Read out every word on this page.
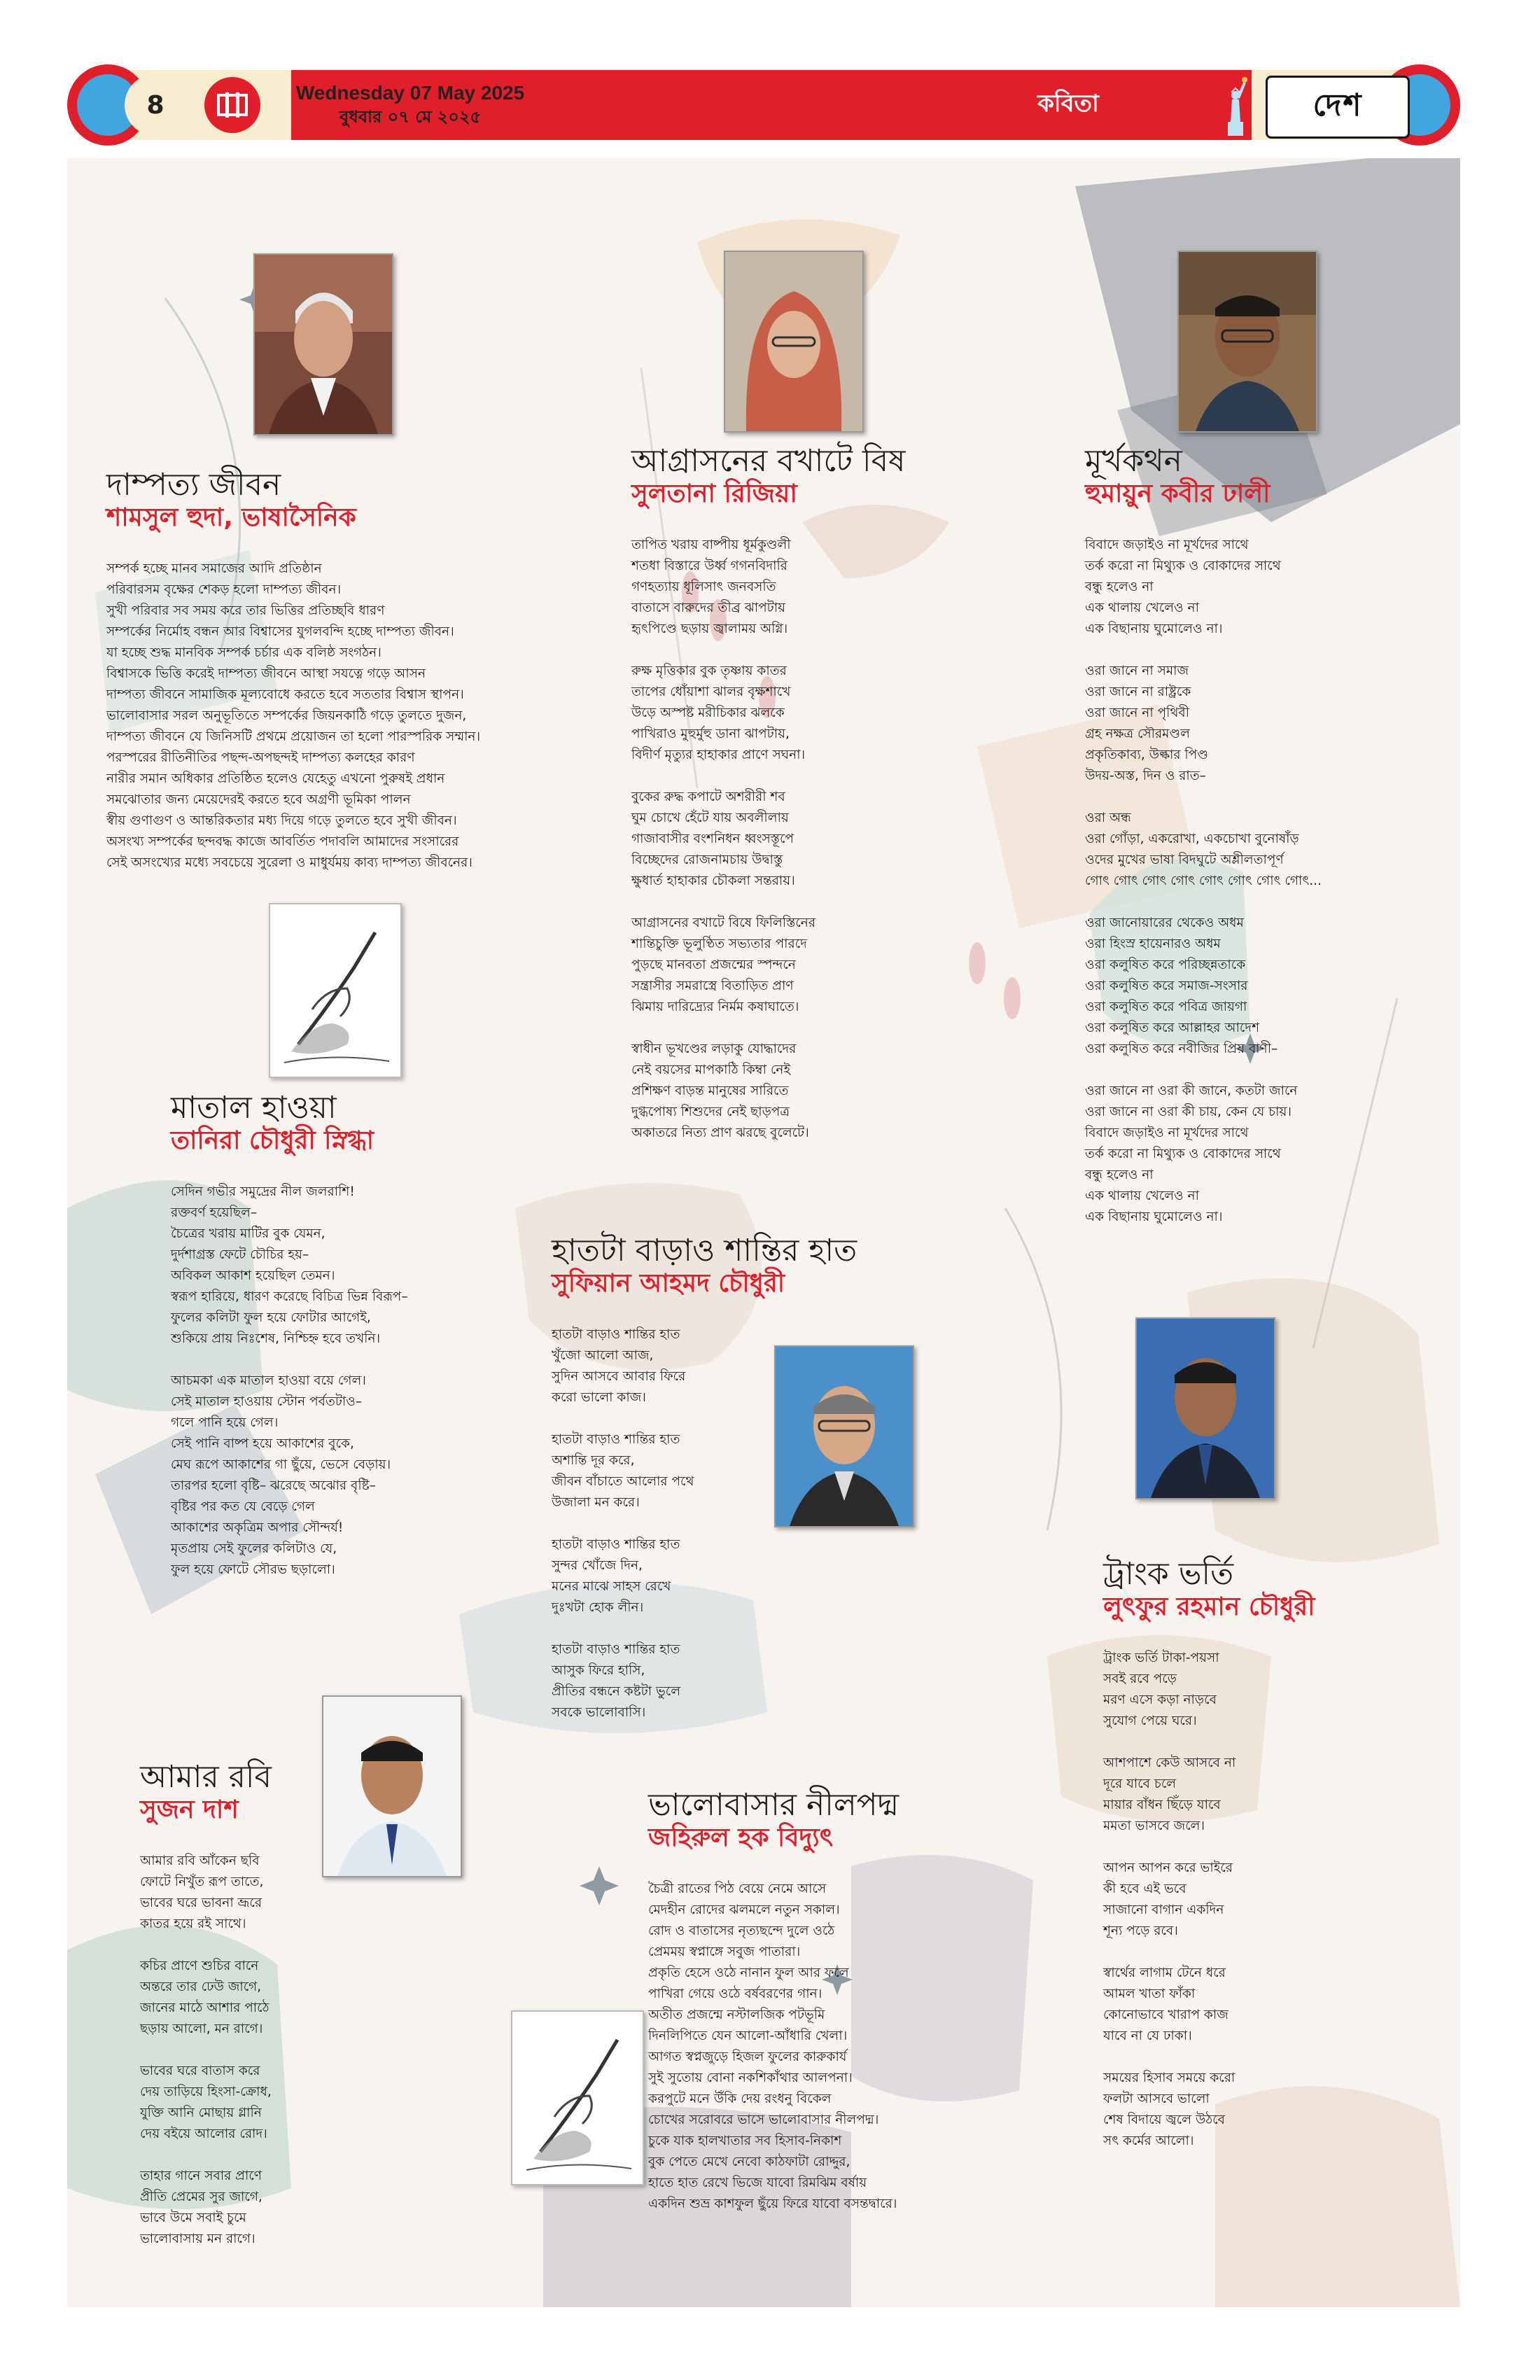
8	Wednesday 07 May 2025
বুধবার ০৭ মে ২০২৫	কবিতা	দেশ
দাম্পত্য জীবন
শামসুল হুদা, ভাষাসৈনিক
সম্পর্ক হচ্ছে মানব সমাজের আদি প্রতিষ্ঠান
পরিবারসম বৃক্ষের শেকড় হলো দাম্পত্য জীবন।
সুখী পরিবার সব সময় করে তার ভিত্তির প্রতিচ্ছবি ধারণ
সম্পর্কের নির্মোহ বন্ধন আর বিশ্বাসের যুগলবন্দি হচ্ছে দাম্পত্য জীবন।
যা হচ্ছে শুদ্ধ মানবিক সম্পর্ক চর্চার এক বলিষ্ঠ সংগঠন।
বিশ্বাসকে ভিত্তি করেই দাম্পত্য জীবনে আস্থা সযত্নে গড়ে আসন
দাম্পত্য জীবনে সামাজিক মূল্যবোধে করতে হবে সততার বিশ্বাস স্থাপন।
ভালোবাসার সরল অনুভূতিতে সম্পর্কের জিয়নকাঠি গড়ে তুলতে দুজন,
দাম্পত্য জীবনে যে জিনিসটি প্রথমে প্রয়োজন তা হলো পারস্পরিক সম্মান।
পরস্পরের রীতিনীতির পছন্দ-অপছন্দই দাম্পত্য কলহের কারণ
নারীর সমান অধিকার প্রতিষ্ঠিত হলেও যেহেতু এখনো পুরুষই প্রধান
সমঝোতার জন্য মেয়েদেরই করতে হবে অগ্রণী ভূমিকা পালন
স্বীয় গুণাগুণ ও আন্তরিকতার মধ্য দিয়ে গড়ে তুলতে হবে সুখী জীবন।
অসংখ্য সম্পর্কের ছন্দবদ্ধ কাজে আবর্তিত পদাবলি আমাদের সংসারের
সেই অসংখ্যের মধ্যে সবচেয়ে সুরেলা ও মাধুর্যময় কাব্য দাম্পত্য জীবনের।
আগ্রাসনের বখাটে বিষ
সুলতানা রিজিয়া
তাপিত খরায় বাষ্পীয় ধূর্মকুণ্ডলী
শতধা বিস্তারে উর্ধ্ব গগনবিদারি
গণহত্যায় ধূলিসাৎ জনবসতি
বাতাসে বারুদের তীব্র ঝাপটায়
হৃৎপিণ্ডে ছড়ায় জ্বালাময় অগ্নি।

রুক্ষ মৃত্তিকার বুক তৃষ্ণায় কাতর
তাপের ধোঁয়াশা ঝালর বৃক্ষশাখে
উড়ে অস্পষ্ট মরীচিকার ঝলকে
পাখিরাও মুহুর্মুহু ডানা ঝাপটায়,
বিদীর্ণ মৃত্যুর হাহাকার প্রাণে সঘনা।

বুকের রুদ্ধ কপাটে অশরীরী শব
ঘুম চোখে হেঁটে যায় অবলীলায়
গাজাবাসীর বংশনিধন ধ্বংসস্তূপে
বিচ্ছেদের রোজনামচায় উদ্বাস্তু
ক্ষুধার্ত হাহাকার চৌকলা সন্তরায়।

আগ্রাসনের বখাটে বিষে ফিলিস্তিনের
শান্তিচুক্তি ভূলুণ্ঠিত সভ্যতার পারদে
পুড়ছে মানবতা প্রজন্মের স্পন্দনে
সন্ত্রাসীর সমরাস্ত্রে বিতাড়িত প্রাণ
ঝিমায় দারিদ্র্যের নির্মম কষাঘাতে।

স্বাধীন ভূখণ্ডের লড়াকু যোদ্ধাদের
নেই বয়সের মাপকাঠি কিম্বা নেই
প্রশিক্ষণ বাড়ন্ত মানুষের সারিতে
দুগ্ধপোষ্য শিশুদের নেই ছাড়পত্র
অকাতরে নিত্য প্রাণ ঝরছে বুলেটে।
মূর্খকথন
হুমায়ুন কবীর ঢালী
বিবাদে জড়াইও না মূর্খদের সাথে
তর্ক করো না মিথ্যুক ও বোকাদের সাথে
বন্ধু হলেও না
এক থালায় খেলেও না
এক বিছানায় ঘুমোলেও না।

ওরা জানে না সমাজ
ওরা জানে না রাষ্ট্রকে
ওরা জানে না পৃথিবী
গ্রহ নক্ষত্র সৌরমণ্ডল
প্রকৃতিকাব্য, উল্কার পিণ্ড
উদয়-অস্ত, দিন ও রাত–

ওরা অন্ধ
ওরা গোঁড়া, একরোখা, একচোখা বুনোষাঁড়
ওদের মুখের ভাষা বিদঘুটে অশ্লীলতাপূর্ণ
গোৎ গোৎ গোৎ গোৎ গোৎ গোৎ গোৎ গোৎ...

ওরা জানোয়ারের থেকেও অধম
ওরা হিংস্র হায়েনারও অধম
ওরা কলুষিত করে পরিচ্ছন্নতাকে
ওরা কলুষিত করে সমাজ-সংসার
ওরা কলুষিত করে পবিত্র জায়গা
ওরা কলুষিত করে আল্লাহর আদেশ
ওরা কলুষিত করে নবীজির প্রিয় বাণী–

ওরা জানে না ওরা কী জানে, কতটা জানে
ওরা জানে না ওরা কী চায়, কেন যে চায়।
বিবাদে জড়াইও না মূর্খদের সাথে
তর্ক করো না মিথ্যুক ও বোকাদের সাথে
বন্ধু হলেও না
এক থালায় খেলেও না
এক বিছানায় ঘুমোলেও না।
মাতাল হাওয়া
তানিরা চৌধুরী স্নিগ্ধা
সেদিন গভীর সমুদ্রের নীল জলরাশি!
রক্তবর্ণ হয়েছিল–
চৈত্রের খরায় মাটির বুক যেমন,
দুর্দশাগ্রস্ত ফেটে চৌচির হয়–
অবিকল আকাশ হয়েছিল তেমন।
স্বরূপ হারিয়ে, ধারণ করেছে বিচিত্র ভিন্ন বিরূপ–
ফুলের কলিটা ফুল হয়ে ফোটার আগেই,
শুকিয়ে প্রায় নিঃশেষ, নিশ্চিহ্ন হবে তখনি।

আচমকা এক মাতাল হাওয়া বয়ে গেল।
সেই মাতাল হাওয়ায় স্টোন পর্বতটাও–
গলে পানি হয়ে গেল।
সেই পানি বাষ্প হয়ে আকাশের বুকে,
মেঘ রূপে আকাশের গা ছুঁয়ে, ভেসে বেড়ায়।
তারপর হলো বৃষ্টি– ঝরেছে অঝোর বৃষ্টি–
বৃষ্টির পর কত যে বেড়ে গেল
আকাশের অকৃত্রিম অপার সৌন্দর্য!
মৃতপ্রায় সেই ফুলের কলিটাও যে,
ফুল হয়ে ফোটে সৌরভ ছড়ালো।
হাতটা বাড়াও শান্তির হাত
সুফিয়ান আহমদ চৌধুরী
হাতটা বাড়াও শান্তির হাত
খুঁজো আলো আজ,
সুদিন আসবে আবার ফিরে
করো ভালো কাজ।

হাতটা বাড়াও শান্তির হাত
অশান্তি দূর করে,
জীবন বাঁচাতে আলোর পথে
উজালা মন করে।

হাতটা বাড়াও শান্তির হাত
সুন্দর খোঁজে দিন,
মনের মাঝে সাহস রেখে
দুঃখটা হোক লীন।

হাতটা বাড়াও শান্তির হাত
আসুক ফিরে হাসি,
প্রীতির বন্ধনে কষ্টটা ভুলে
সবকে ভালোবাসি।
ট্রাংক ভর্তি
লুৎফুর রহমান চৌধুরী
ট্রাংক ভর্তি টাকা-পয়সা
সবই রবে পড়ে
মরণ এসে কড়া নাড়বে
সুযোগ পেয়ে ঘরে।

আশপাশে কেউ আসবে না
দূরে যাবে চলে
মায়ার বাঁধন ছিঁড়ে যাবে
মমতা ভাসবে জলে।

আপন আপন করে ভাইরে
কী হবে এই ভবে
সাজানো বাগান একদিন
শূন্য পড়ে রবে।

স্বার্থের লাগাম টেনে ধরে
আমল খাতা ফাঁকা
কোনোভাবে খারাপ কাজ
যাবে না যে ঢাকা।

সময়ের হিসাব সময়ে করো
ফলটা আসবে ভালো
শেষ বিদায়ে জ্বলে উঠবে
সৎ কর্মের আলো।
আমার রবি
সুজন দাশ
আমার রবি আঁকেন ছবি
ফোটে নিখুঁত রূপ তাতে,
ভাবের ঘরে ভাবনা ভ্রূরে
কাতর হয়ে রই সাথে।

কচির প্রাণে শুচির বানে
অন্তরে তার ঢেউ জাগে,
জানের মাঠে আশার পাঠে
ছড়ায় আলো, মন রাগে।

ভাবের ঘরে বাতাস করে
দেয় তাড়িয়ে হিংসা-ক্রোধ,
যুক্তি আনি মোছায় গ্লানি
দেয় বইয়ে আলোর রোদ।

তাহার গানে সবার প্রাণে
প্রীতি প্রেমের সুর জাগে,
ভাবে উমে সবাই চুমে
ভালোবাসায় মন রাগে।
ভালোবাসার নীলপদ্ম
জহিরুল হক বিদ্যুৎ
চৈত্রী রাতের পিঠ বেয়ে নেমে আসে
মেদহীন রোদের ঝলমলে নতুন সকাল।
রোদ ও বাতাসের নৃত্যছন্দে দুলে ওঠে
প্রেমময় স্বপ্নাঙ্গে সবুজ পাতারা।
প্রকৃতি হেসে ওঠে নানান ফুল আর ফলে
পাখিরা গেয়ে ওঠে বর্ষবরণের গান।
অতীত প্রজন্মে নস্টালজিক পটভূমি
দিনলিপিতে যেন আলো-আঁধারি খেলা।
আগত স্বপ্নজুড়ে হিজল ফুলের কারুকার্য
সুই সুতোয় বোনা নকশিকাঁথার আলপনা।
করপুটে মনে উঁকি দেয় রংধনু বিকেল
চোখের সরোবরে ভাসে ভালোবাসার নীলপদ্ম।
চুকে যাক হালখাতার সব হিসাব-নিকাশ
বুক পেতে মেখে নেবো কাঠফাটা রোদ্দুর,
হাতে হাত রেখে ভিজে যাবো রিমঝিম বর্ষায়
একদিন শুভ্র কাশফুল ছুঁয়ে ফিরে যাবো বসন্তদ্বারে।
